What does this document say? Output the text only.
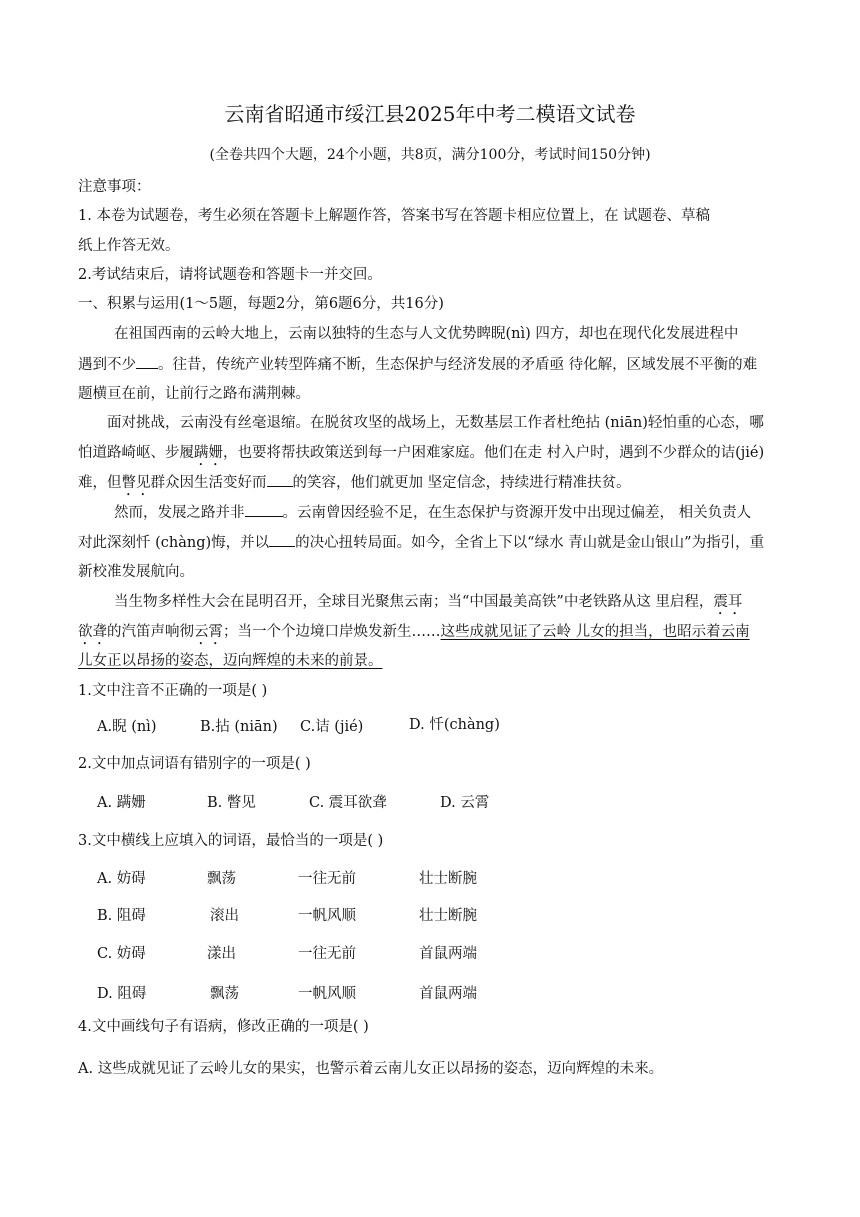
云南省昭通市绥江县2025年中考二模语文试卷
(全卷共四个大题，24个小题，共8页，满分100分，考试时间150分钟)
注意事项：
1. 本卷为试题卷，考生必须在答题卡上解题作答，答案书写在答题卡相应位置上，在 试题卷、草稿
纸上作答无效。
2.考试结束后，请将试题卷和答题卡一并交回。
一、积累与运用(1～5题，每题2分，第6题6分，共16分)
在祖国西南的云岭大地上，云南以独特的生态与人文优势睥睨(nì) 四方，却也在现代化发展进程中
遇到不少 。往昔，传统产业转型阵痛不断，生态保护与经济发展的矛盾亟 待化解，区域发展不平衡的难
题横亘在前，让前行之路布满荆棘。
面对挑战，云南没有丝毫退缩。在脱贫攻坚的战场上，无数基层工作者杜绝拈 (niān)轻怕重的心态，哪
怕道路崎岖、步履蹒姗，也要将帮扶政策送到每一户困难家庭。他们在走 村入户时，遇到不少群众的诘(jié)
难，但瞥见群众因生活变好而 的笑容，他们就更加 坚定信念，持续进行精准扶贫。
然而，发展之路并非	。云南曾因经验不足，在生态保护与资源开发中出现过偏差， 相关负责人
对此深刻忏 (chàng)悔，并以 的决心扭转局面。如今，全省上下以“绿水 青山就是金山银山”为指引，重
新校准发展航向。
当生物多样性大会在昆明召开，全球目光聚焦云南；当“中国最美高铁”中老铁路从这 里启程，震耳
欲聋的汽笛声响彻云霄；当一个个边境口岸焕发新生……这些成就见证了云岭 儿女的担当，也昭示着云南
儿女正以昂扬的姿态，迈向辉煌的未来的前景。
1.文中注音不正确的一项是( )
A.睨 (nì)	B.拈 (niān) C.诘 (jié)	D. 忏(chàng)
2.文中加点词语有错别字的一项是( )
A. 蹒姗	B. 瞥见	C. 震耳欲聋	D. 云霄
3.文中横线上应填入的词语，最恰当的一项是( )
A. 妨碍	飘荡	一往无前	壮士断腕
B. 阻碍	滚出	一帆风顺	壮士断腕
C. 妨碍	漾出	一往无前	首鼠两端
D. 阻碍	飘荡	一帆风顺	首鼠两端
4.文中画线句子有语病，修改正确的一项是( )
A. 这些成就见证了云岭儿女的果实，也警示着云南儿女正以昂扬的姿态，迈向辉煌的未来。
